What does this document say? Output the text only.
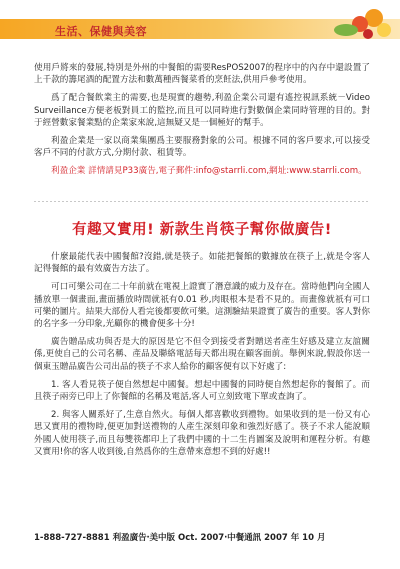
生活、保健與美容

使用戶將來的發展,特別是外州的中餐館的需要ResPOS2007的程序中的內存中還設置了上千款的籌尾酒的配置方法和數萬種西餐菜肴的烹飪法,供用戶參考使用。

爲了配合餐飲業主的需要,也是現實的趨勢,利盈企業公司還有遙控視訊系統－Video Surveillance方便老板對員工的監控,而且可以同時進行對數個企業同時管理的目的。對于經營數家餐業點的企業家來說,這無疑又是一個極好的幫手。

利盈企業是一家以商業集團爲主要服務對象的公司。根據不同的客戶要求,可以接受客戶不同的付款方式,分期付款、租賃等。

利盈企業 詳情請見P33廣告,電子郵件:info@starrli.com,網址:www.starrli.com。

有趣又實用! 新款生肖筷子幫你做廣告!

什麼最能代表中國餐館?沒錯,就是筷子。如能把餐館的數據放在筷子上,就是令客人記得餐館的最有效廣告方法了。

可口可樂公司在二十年前就在電視上證實了潛意識的威力及存在。當時他們向全國人播放單一個畫面,畫面播放時間就祇有0.01 秒,肉眼根本是看不見的。而畫像就祇有可口可樂的圖片。結果大部份人看完後都要飲可樂。這測驗結果證實了廣告的重要。客人對你的名字多一分印象,光顧你的機會便多十分!

廣告贈品成功與否是大的原因是它不但令到接受者對贈送者產生好感及建立友誼關係,更使自己的公司名稱、產品及聯絡電話每天都出現在顧客面前。舉例來說,假設你送一個東玉贈品廣告公司出品的筷子不求人給你的顧客便有以下好處了:

1. 客人看見筷子便自然想起中國餐。想起中國餐的同時便自然想起你的餐館了。而且筷子兩旁已印上了你餐館的名稱及電話,客人可立刻致電下單或查詢了。

2. 與客人關系好了,生意自然火。每個人都喜歡收到禮物。如果收到的是一份又有心思又實用的禮物時,便更加對送禮物的人產生深刻印象和強烈好感了。筷子不求人能說順外國人使用筷子,而且每雙筷都印上了我們中國的十二生肖圖案及說明和運程分析。有趣又實用!你的客人收到後,自然爲你的生意帶來意想不到的好處!!

1-888-727-8881 利盈廣告‧美中版 Oct. 2007‧中餐通訊 2007 年 10 月
